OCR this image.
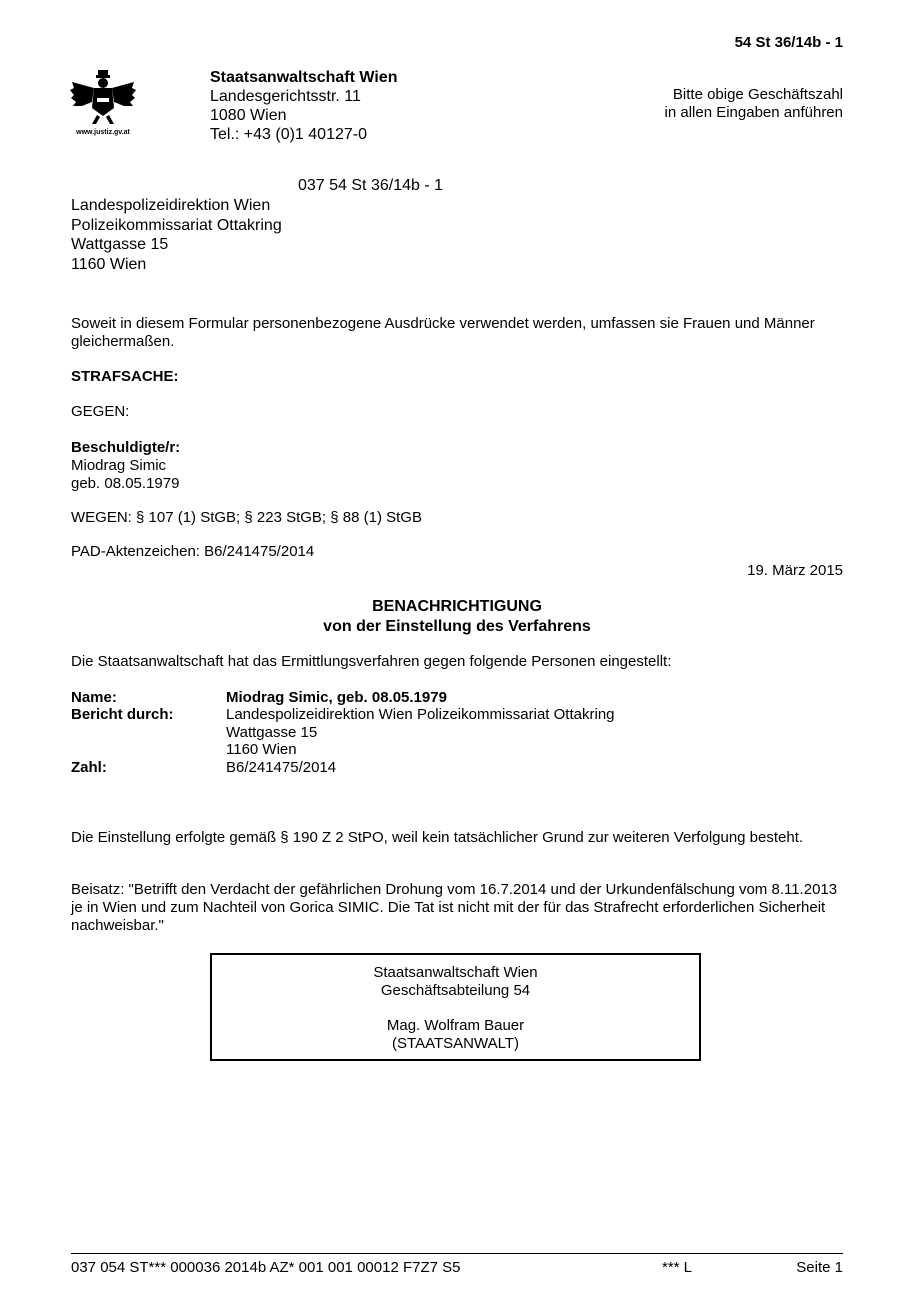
54 St 36/14b - 1
www.justiz.gv.at
Staatsanwaltschaft Wien
Landesgerichtsstr. 11
1080 Wien
Tel.: +43 (0)1 40127-0
Bitte obige Geschäftszahl
in allen Eingaben anführen
037 54 St 36/14b - 1
Landespolizeidirektion Wien
Polizeikommissariat Ottakring
Wattgasse 15
1160 Wien
Soweit in diesem Formular personenbezogene Ausdrücke verwendet werden, umfassen sie Frauen und Männer gleichermaßen.
STRAFSACHE:
GEGEN:
Beschuldigte/r:
Miodrag Simic
geb. 08.05.1979
WEGEN: § 107 (1) StGB; § 223 StGB; § 88 (1) StGB
PAD-Aktenzeichen: B6/241475/2014
19. März 2015
BENACHRICHTIGUNG
von der Einstellung des Verfahrens
Die Staatsanwaltschaft hat das Ermittlungsverfahren gegen folgende Personen eingestellt:
Name:	Miodrag Simic, geb. 08.05.1979
Bericht durch:	Landespolizeidirektion Wien Polizeikommissariat Ottakring
Wattgasse 15
1160 Wien
Zahl:	B6/241475/2014
Die Einstellung erfolgte gemäß § 190 Z 2 StPO, weil kein tatsächlicher Grund zur weiteren Verfolgung besteht.
Beisatz: "Betrifft den Verdacht der gefährlichen Drohung vom 16.7.2014 und der Urkundenfälschung vom 8.11.2013 je in Wien und zum Nachteil von Gorica SIMIC. Die Tat ist nicht mit der für das Strafrecht erforderlichen Sicherheit nachweisbar."
Staatsanwaltschaft Wien
Geschäftsabteilung 54
Mag. Wolfram Bauer
(STAATSANWALT)
037 054 ST*** 000036 2014b AZ* 001 001 00012 F7Z7 S5	*** L	Seite 1
